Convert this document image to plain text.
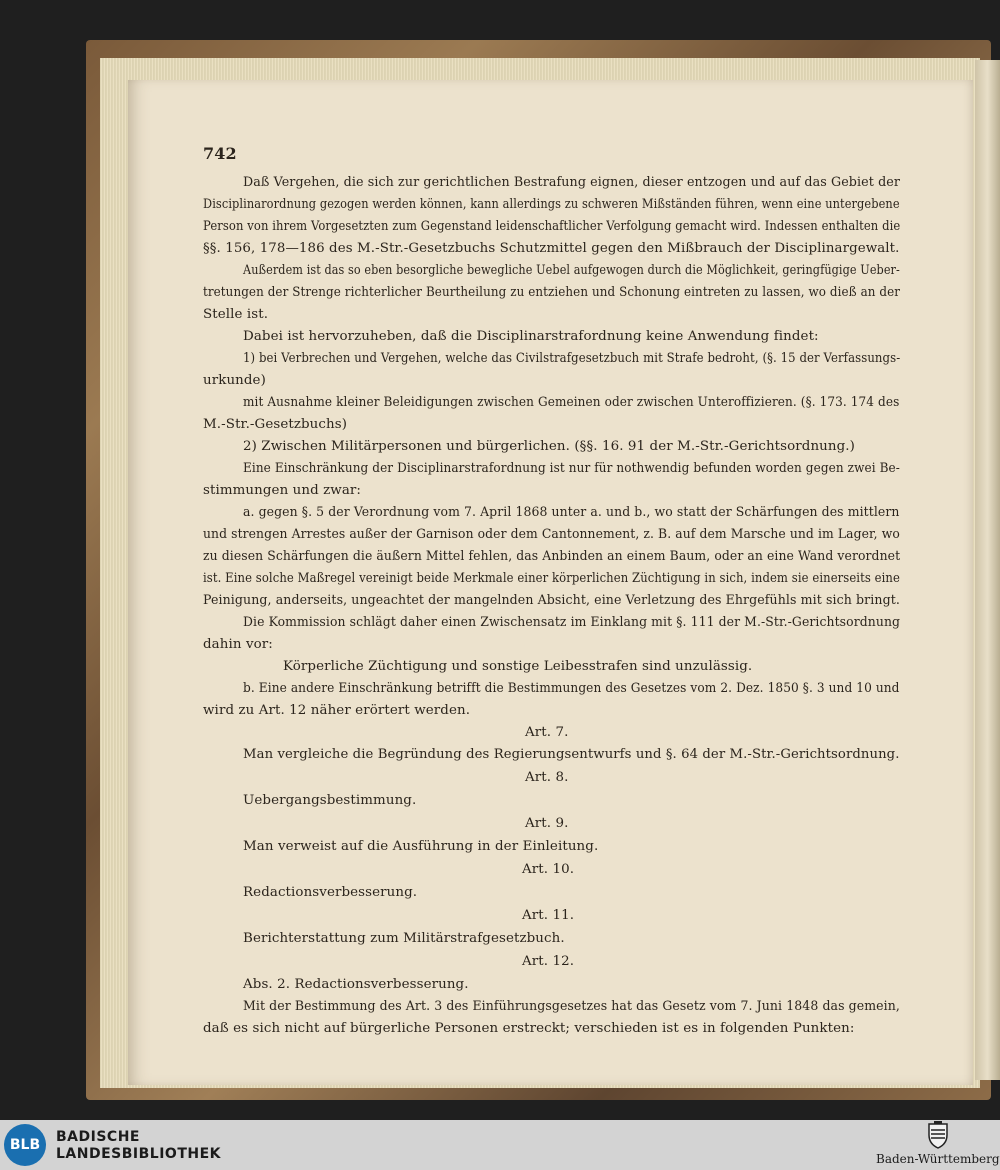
742
Daß Vergehen, die sich zur gerichtlichen Bestrafung eignen, dieser entzogen und auf das Gebiet der
Disciplinarordnung gezogen werden können, kann allerdings zu schweren Mißständen führen, wenn eine untergebene
Person von ihrem Vorgesetzten zum Gegenstand leidenschaftlicher Verfolgung gemacht wird. Indessen enthalten die
§§. 156, 178—186 des M.-Str.-Gesetzbuchs Schutzmittel gegen den Mißbrauch der Disciplinargewalt.
Außerdem ist das so eben besorgliche bewegliche Uebel aufgewogen durch die Möglichkeit, geringfügige Ueber-
tretungen der Strenge richterlicher Beurtheilung zu entziehen und Schonung eintreten zu lassen, wo dieß an der
Stelle ist.
Dabei ist hervorzuheben, daß die Disciplinarstrafordnung keine Anwendung findet:
1) bei Verbrechen und Vergehen, welche das Civilstrafgesetzbuch mit Strafe bedroht, (§. 15 der Verfassungs-
urkunde)
mit Ausnahme kleiner Beleidigungen zwischen Gemeinen oder zwischen Unteroffizieren. (§. 173. 174 des
M.-Str.-Gesetzbuchs)
2) Zwischen Militärpersonen und bürgerlichen. (§§. 16. 91 der M.-Str.-Gerichtsordnung.)
Eine Einschränkung der Disciplinarstrafordnung ist nur für nothwendig befunden worden gegen zwei Be-
stimmungen und zwar:
a. gegen §. 5 der Verordnung vom 7. April 1868 unter a. und b., wo statt der Schärfungen des mittlern
und strengen Arrestes außer der Garnison oder dem Cantonnement, z. B. auf dem Marsche und im Lager, wo
zu diesen Schärfungen die äußern Mittel fehlen, das Anbinden an einem Baum, oder an eine Wand verordnet
ist. Eine solche Maßregel vereinigt beide Merkmale einer körperlichen Züchtigung in sich, indem sie einerseits eine
Peinigung, anderseits, ungeachtet der mangelnden Absicht, eine Verletzung des Ehrgefühls mit sich bringt.
Die Kommission schlägt daher einen Zwischensatz im Einklang mit §. 111 der M.-Str.-Gerichtsordnung
dahin vor:
Körperliche Züchtigung und sonstige Leibesstrafen sind unzulässig.
b. Eine andere Einschränkung betrifft die Bestimmungen des Gesetzes vom 2. Dez. 1850 §. 3 und 10 und
wird zu Art. 12 näher erörtert werden.
Art. 7.
Man vergleiche die Begründung des Regierungsentwurfs und §. 64 der M.-Str.-Gerichtsordnung.
Art. 8.
Uebergangsbestimmung.
Art. 9.
Man verweist auf die Ausführung in der Einleitung.
Art. 10.
Redactionsverbesserung.
Art. 11.
Berichterstattung zum Militärstrafgesetzbuch.
Art. 12.
Abs. 2. Redactionsverbesserung.
Mit der Bestimmung des Art. 3 des Einführungsgesetzes hat das Gesetz vom 7. Juni 1848 das gemein,
daß es sich nicht auf bürgerliche Personen erstreckt; verschieden ist es in folgenden Punkten:
BLB	BADISCHE
LANDESBIBLIOTHEK	Baden-Württemberg
